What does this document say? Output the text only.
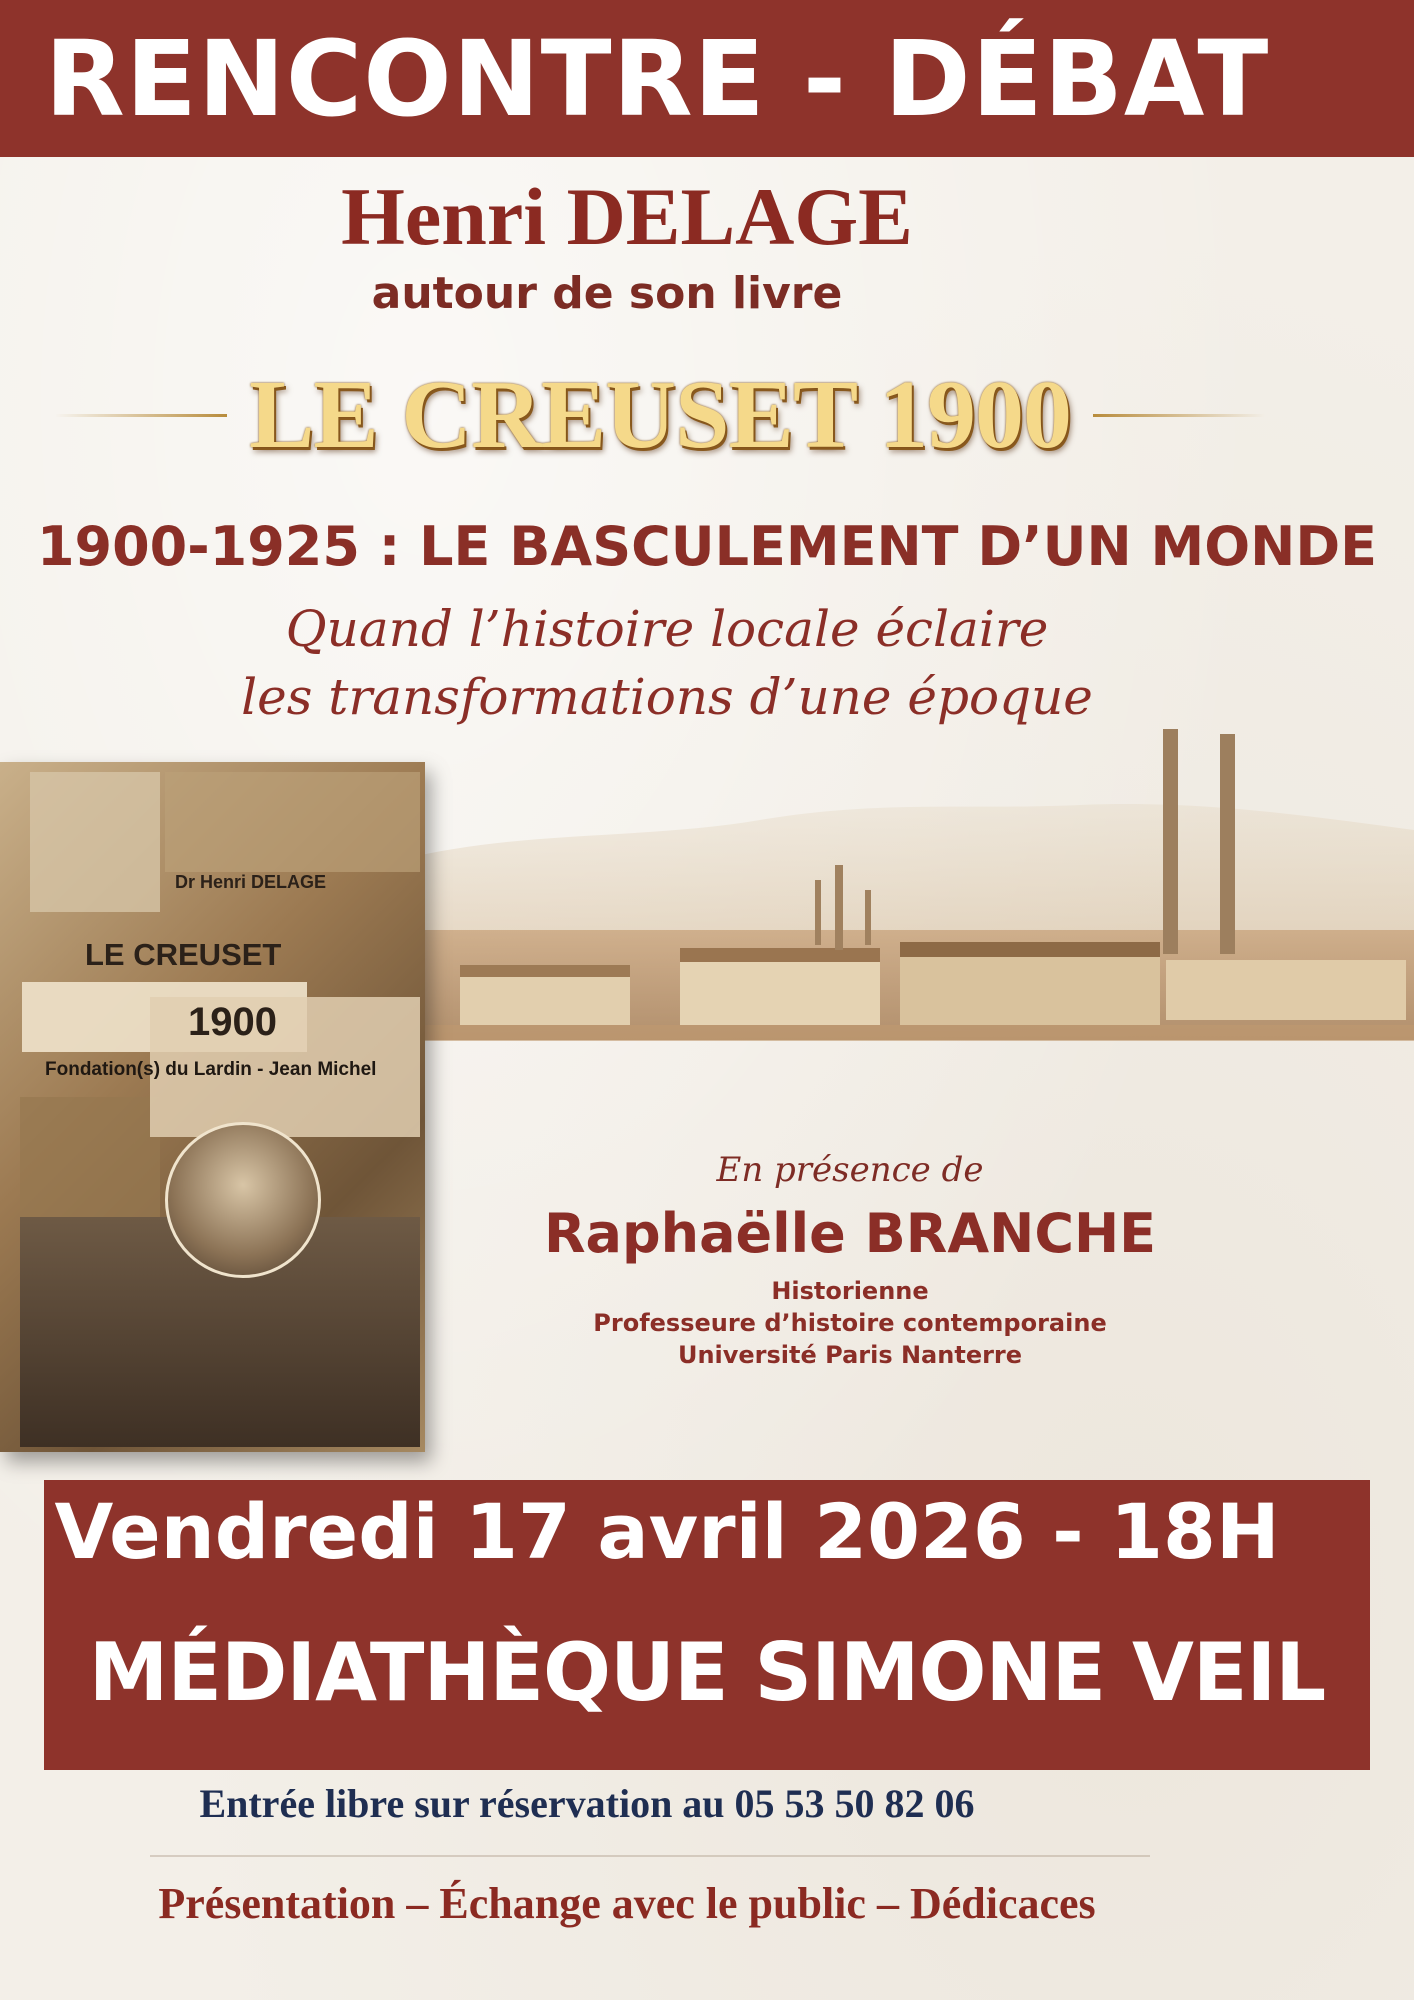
RENCONTRE - DÉBAT
Henri DELAGE
autour de son livre
LE CREUSET 1900
1900-1925 : LE BASCULEMENT D’UN MONDE
Quand l’histoire locale éclaire
les transformations d’une époque
Dr Henri DELAGE
LE CREUSET
1900
Fondation(s) du Lardin - Jean Michel
En présence de
Raphaëlle BRANCHE
Historienne
Professeure d’histoire contemporaine
Université Paris Nanterre
Vendredi 17 avril 2026 - 18H
MÉDIATHÈQUE SIMONE VEIL
Entrée libre sur réservation au 05 53 50 82 06
Présentation – Échange avec le public – Dédicaces
